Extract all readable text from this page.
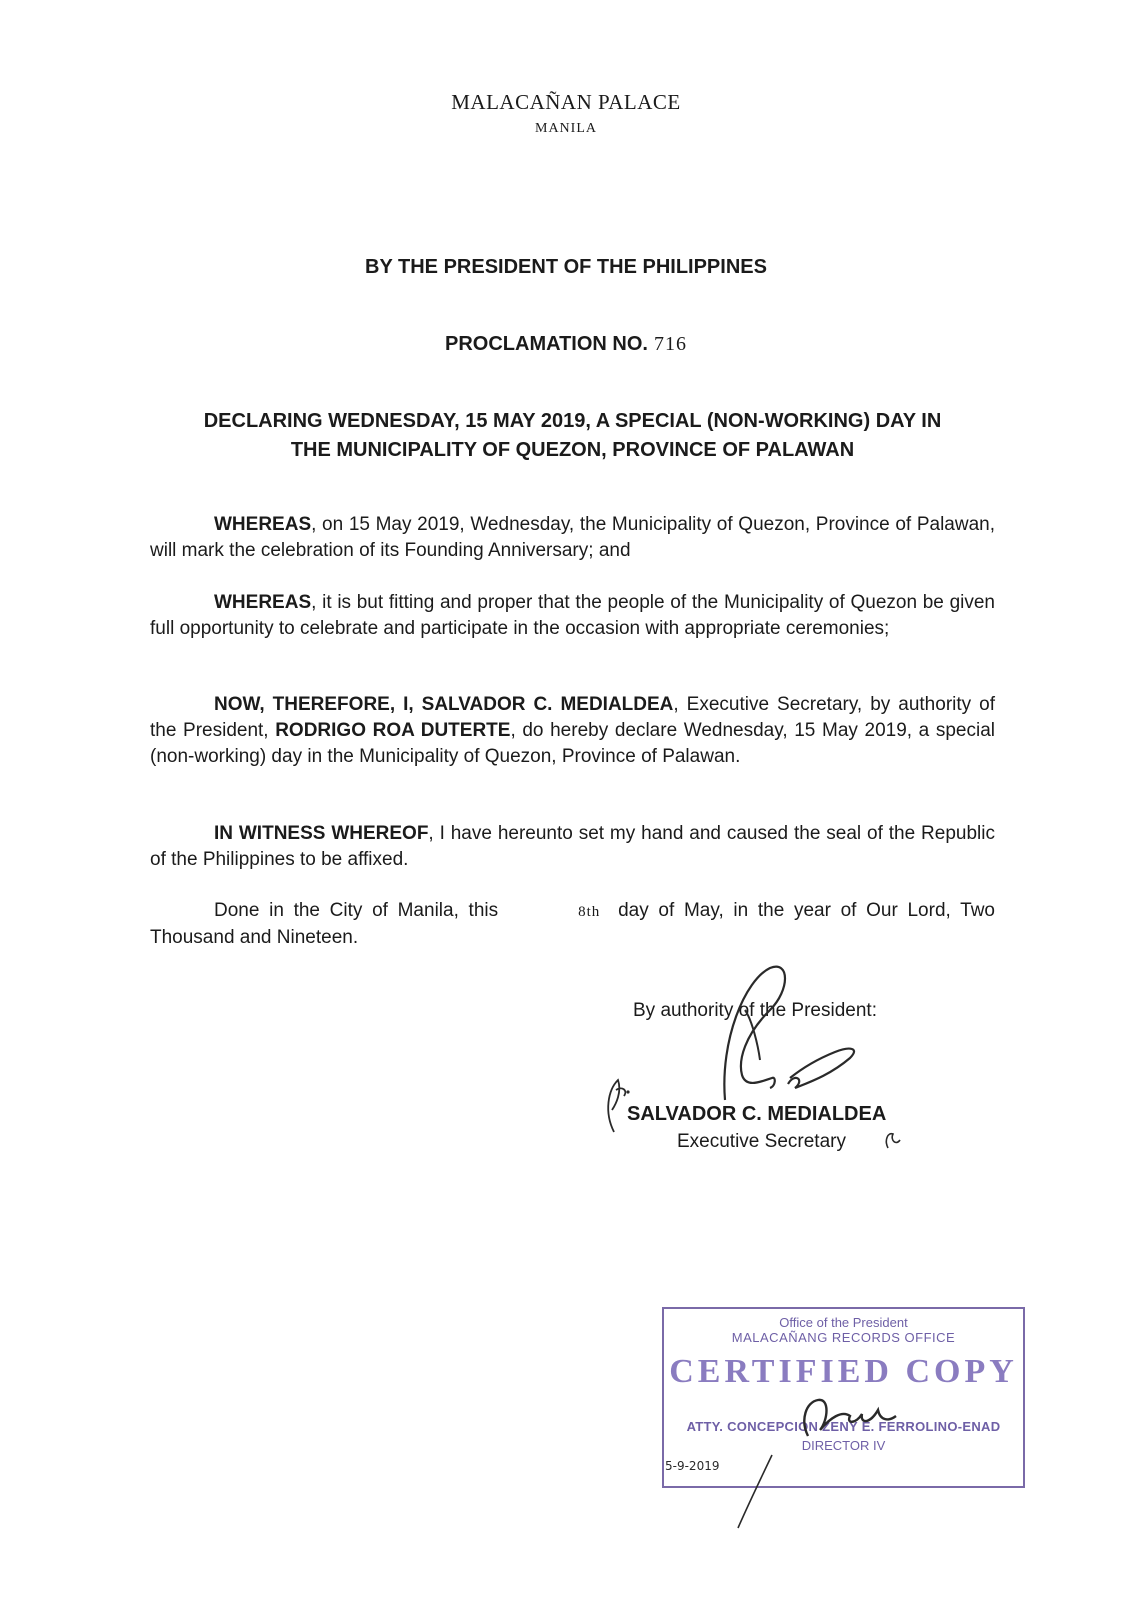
MALACAÑAN PALACE
MANILA
BY THE PRESIDENT OF THE PHILIPPINES
PROCLAMATION NO. 716
DECLARING WEDNESDAY, 15 MAY 2019, A SPECIAL (NON-WORKING) DAY IN
THE MUNICIPALITY OF QUEZON, PROVINCE OF PALAWAN
WHEREAS, on 15 May 2019, Wednesday, the Municipality of Quezon, Province of Palawan, will mark the celebration of its Founding Anniversary; and
WHEREAS, it is but fitting and proper that the people of the Municipality of Quezon be given full opportunity to celebrate and participate in the occasion with appropriate ceremonies;
NOW, THEREFORE, I, SALVADOR C. MEDIALDEA, Executive Secretary, by authority of the President, RODRIGO ROA DUTERTE, do hereby declare Wednesday, 15 May 2019, a special (non-working) day in the Municipality of Quezon, Province of Palawan.
IN WITNESS WHEREOF, I have hereunto set my hand and caused the seal of the Republic of the Philippines to be affixed.
Done in the City of Manila, this	8th day of May, in the year of Our Lord, Two Thousand and Nineteen.
By authority of the President:
SALVADOR C. MEDIALDEA
Executive Secretary
Office of the President
MALACAÑANG RECORDS OFFICE
CERTIFIED COPY
ATTY. CONCEPCION ZENY E. FERROLINO-ENAD
DIRECTOR IV
5-9-2019
